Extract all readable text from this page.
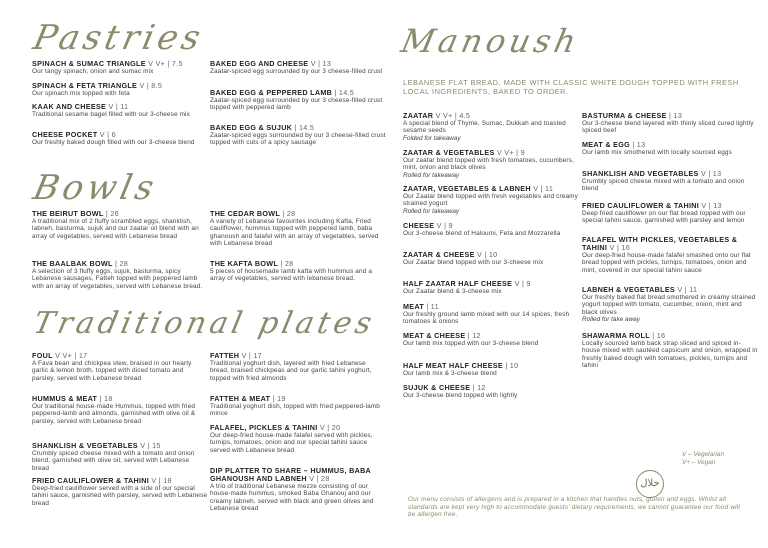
Pastries
Bowls
Traditional plates
Manoush
LEBANESE FLAT BREAD, MADE WITH CLASSIC WHITE DOUGH TOPPED WITH FRESH LOCAL INGREDIENTS, BAKED TO ORDER.
SPINACH & SUMAC TRIANGLE V V+ | 7.5
Our tangy spinach, onion and sumac mix
SPINACH & FETA TRIANGLE V | 8.5
Our spinach mix topped with feta
KAAK AND CHEESE V | 11
Traditional sesame bagel filled with our 3-cheese mix
CHEESE POCKET V | 6
Our freshly baked dough filled with our 3-cheese blend
BAKED EGG AND CHEESE V | 13
Zaatar-spiced egg surrounded by our 3 cheese-filled crust
BAKED EGG & PEPPERED LAMB | 14.5
Zaatar-spiced egg surrounded by our 3 cheese-filled crust topped with peppered lamb
BAKED EGG & SUJUK | 14.5
Zaatar-spiced eggs surrounded by our 3 cheese-filled crust topped with cuts of a spicy sausage
THE BEIRUT BOWL | 26
A traditional mix of 2 fluffy scrambled eggs, shanklish, labneh, basturma, sujuk and our zaatar oil blend with an array of vegetables, served with Lebanese bread
THE BAALBAK BOWL | 28
A selection of 3 fluffy eggs, sujuk, basturma, spicy Lebanese sausages, Fatteh topped with peppered lamb with an array of vegetables, served with Lebanese bread.
THE CEDAR BOWL | 28
A variety of Lebanese favourites including Kafta, Fried cauliflower, hummus topped with peppered lamb, baba ghanoush and falafel with an array of vegetables, served with Lebanese bread
THE KAFTA BOWL | 28
5 pieces of housemade lamb kafta with hummus and a array of vegetables, served with lebanese bread.
FOUL V V+ | 17
A Fava bean and chickpea stew, braised in our hearty garlic & lemon broth, topped with diced tomato and parsley, served with Lebanese bread
HUMMUS & MEAT | 18
Our traditional house-made Hummus, topped with fried peppered-lamb and almonds, garnished with olive oil & parsley, served with Lebanese bread
SHANKLISH & VEGETABLES V | 15
Crumbly spiced cheese mixed with a tomato and onion blend, garnished with olive oil, served with Lebanese bread
FRIED CAULIFLOWER & TAHINI V | 18
Deep-fried cauliflower served with a side of our special tahini sauce, garnished with parsley, served with Lebanese bread
FATTEH V | 17
Traditional yoghurt dish, layered with fried Lebanese bread, braised chickpeas and our garlic tahini yoghurt, topped with fried almonds
FATTEH & MEAT | 19
Traditional yoghurt dish, topped with fried peppered-lamb mince
FALAFEL, PICKLES & TAHINI V | 20
Our deep-fried house-made falafel served with pickles, turnips, tomatoes, onion and our special tahini sauce served with Lebanese bread
DIP PLATTER TO SHARE – HUMMUS, BABA GHANOUSH AND LABNEH V | 28
A trio of traditional Lebanese mezze consisting of our house-made hummus, smoked Baba Ghanouj and our creamy labneh, served with black and green olives and Lebanese bread
ZAATAR V V+ | 4.5
A special blend of Thyme, Sumac, Dukkah and toasted sesame seeds
Folded for takeaway
ZAATAR & VEGETABLES V V+ | 9
Our zaatar blend topped with fresh tomatoes, cucumbers, mint, onion and black olives
Rolled for takeaway
ZAATAR, VEGETABLES & LABNEH V | 11
Our Zaatar blend topped with fresh vegetables and creamy strained yogurt
Rolled for takeaway
CHEESE V | 9
Our 3-cheese blend of Haloumi, Feta and Mozzarella
ZAATAR & CHEESE V | 10
Our Zaatar blend topped with our 3-cheese mix
HALF ZAATAR HALF CHEESE V | 9
Our Zaatar blend & 3-cheese mix
MEAT | 11
Our freshly ground lamb mixed with our 14 spices, fresh tomatoes & onions
MEAT & CHEESE | 12
Our lamb mix topped with our 3-cheese blend
HALF MEAT HALF CHEESE | 10
Our lamb mix & 3-cheese blend
SUJUK & CHEESE | 12
Our 3-cheese blend topped with lightly
BASTURMA & CHEESE | 13
Our 3-cheese blend layered with thinly sliced cured lightly spiced beef
MEAT & EGG | 13
Our lamb mix smothered with locally sourced eggs
SHANKLISH AND VEGETABLES V | 13
Crumbly spiced cheese mixed with a tomato and onion blend
FRIED CAULIFLOWER & TAHINI V | 13
Deep fried cauliflower on our flat bread topped with our special tahini sauce, garnished with parsley and lemon
FALAFEL WITH PICKLES, VEGETABLES & TAHINI V | 16
Our deep-fried house-made falafel smashed onto our flat bread topped with pickles, turnips, tomatoes, onion and mint, covered in our special tahini sauce
LABNEH & VEGETABLES V | 11
Our freshly baked flat bread smothered in creamy strained yogurt topped with tomato, cucumber, onion, mint and black olives
Rolled for take away
SHAWARMA ROLL | 16
Locally sourced lamb back strap sliced and spiced in-house mixed with sautéed capsicum and onion, wrapped in freshly baked dough with tomatoes, pickles, turnips and tahini
حلال
V – Vegetarian
V+ – Vegan
Our menu consists of allergens and is prepared in a kitchen that handles nuts, gluten and eggs. Whilst all standards are kept very high to accommodate guests' dietary requirements, we cannot guarantee our food will be allergen free.
